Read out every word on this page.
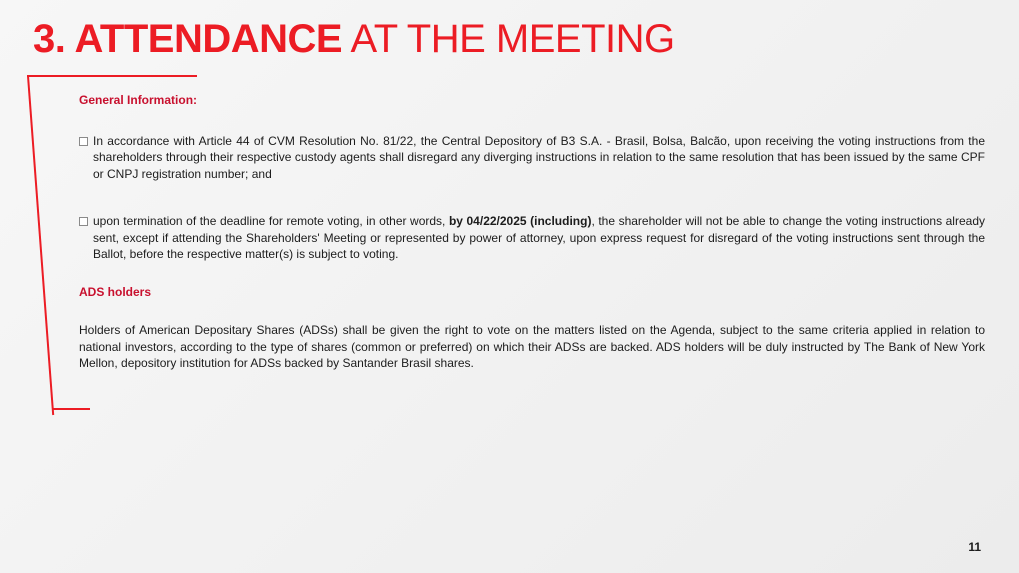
3. ATTENDANCE AT THE MEETING

General Information:

In accordance with Article 44 of CVM Resolution No. 81/22, the Central Depository of B3 S.A. - Brasil, Bolsa, Balcão, upon receiving the voting instructions from the shareholders through their respective custody agents shall disregard any diverging instructions in relation to the same resolution that has been issued by the same CPF or CNPJ registration number; and

upon termination of the deadline for remote voting, in other words, by 04/22/2025 (including), the shareholder will not be able to change the voting instructions already sent, except if attending the Shareholders' Meeting or represented by power of attorney, upon express request for disregard of the voting instructions sent through the Ballot, before the respective matter(s) is subject to voting.

ADS holders

Holders of American Depositary Shares (ADSs) shall be given the right to vote on the matters listed on the Agenda, subject to the same criteria applied in relation to national investors, according to the type of shares (common or preferred) on which their ADSs are backed. ADS holders will be duly instructed by The Bank of New York Mellon, depository institution for ADSs backed by Santander Brasil shares.

11
